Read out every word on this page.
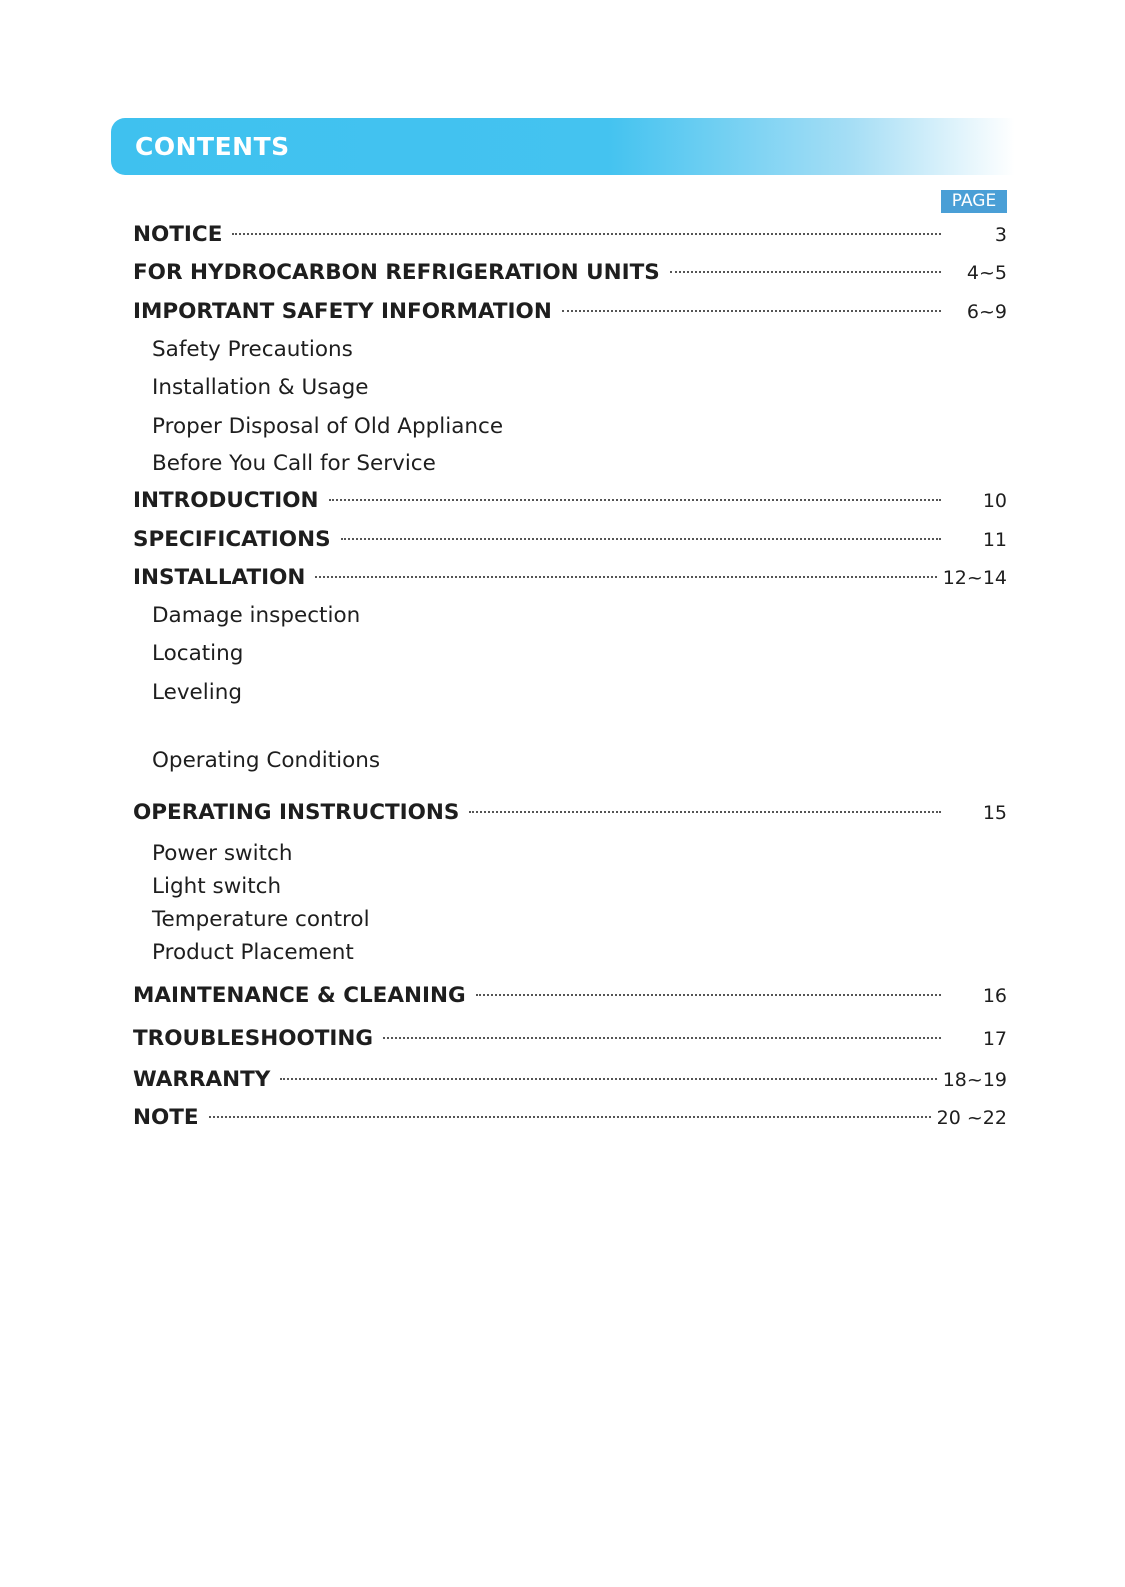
CONTENTS
PAGE
NOTICE	3
FOR HYDROCARBON REFRIGERATION UNITS	4~5
IMPORTANT SAFETY INFORMATION	6~9
Safety Precautions
Installation & Usage
Proper Disposal of Old Appliance
Before You Call for Service
INTRODUCTION	10
SPECIFICATIONS	11
INSTALLATION	12~14
Damage inspection
Locating
Leveling
Operating Conditions
OPERATING INSTRUCTIONS	15
Power switch
Light switch
Temperature control
Product Placement
MAINTENANCE & CLEANING	16
TROUBLESHOOTING	17
WARRANTY	18~19
NOTE	20 ~22
